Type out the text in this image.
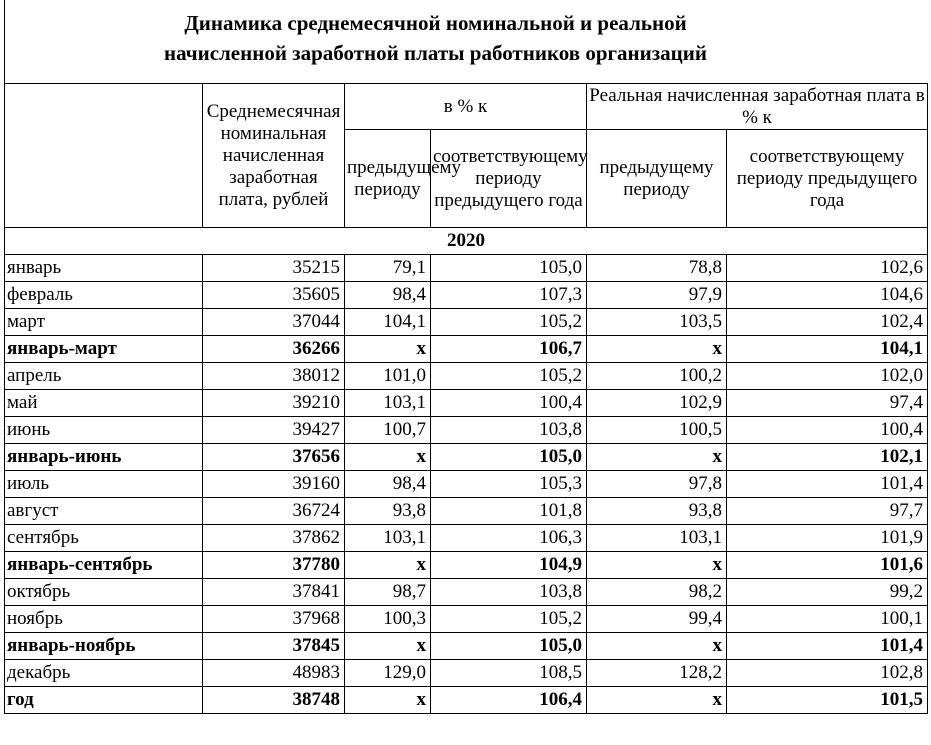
Динамика среднемесячной номинальной и реальной
начисленной заработной платы работников организаций
	Среднемесячная номинальная начисленная заработная плата, рублей	в % к		Реальная начисленная заработная плата в % к	
		предыдущему периоду	соответствующему периоду предыдущего года	предыдущему периоду	соответствующему периоду предыдущего года
2020					
январь	35215	79,1	105,0	78,8	102,6
февраль	35605	98,4	107,3	97,9	104,6
март	37044	104,1	105,2	103,5	102,4
январь-март	36266	x	106,7	x	104,1
апрель	38012	101,0	105,2	100,2	102,0
май	39210	103,1	100,4	102,9	97,4
июнь	39427	100,7	103,8	100,5	100,4
январь-июнь	37656	x	105,0	x	102,1
июль	39160	98,4	105,3	97,8	101,4
август	36724	93,8	101,8	93,8	97,7
сентябрь	37862	103,1	106,3	103,1	101,9
январь-сентябрь	37780	x	104,9	x	101,6
октябрь	37841	98,7	103,8	98,2	99,2
ноябрь	37968	100,3	105,2	99,4	100,1
январь-ноябрь	37845	x	105,0	x	101,4
декабрь	48983	129,0	108,5	128,2	102,8
год	38748	x	106,4	x	101,5
